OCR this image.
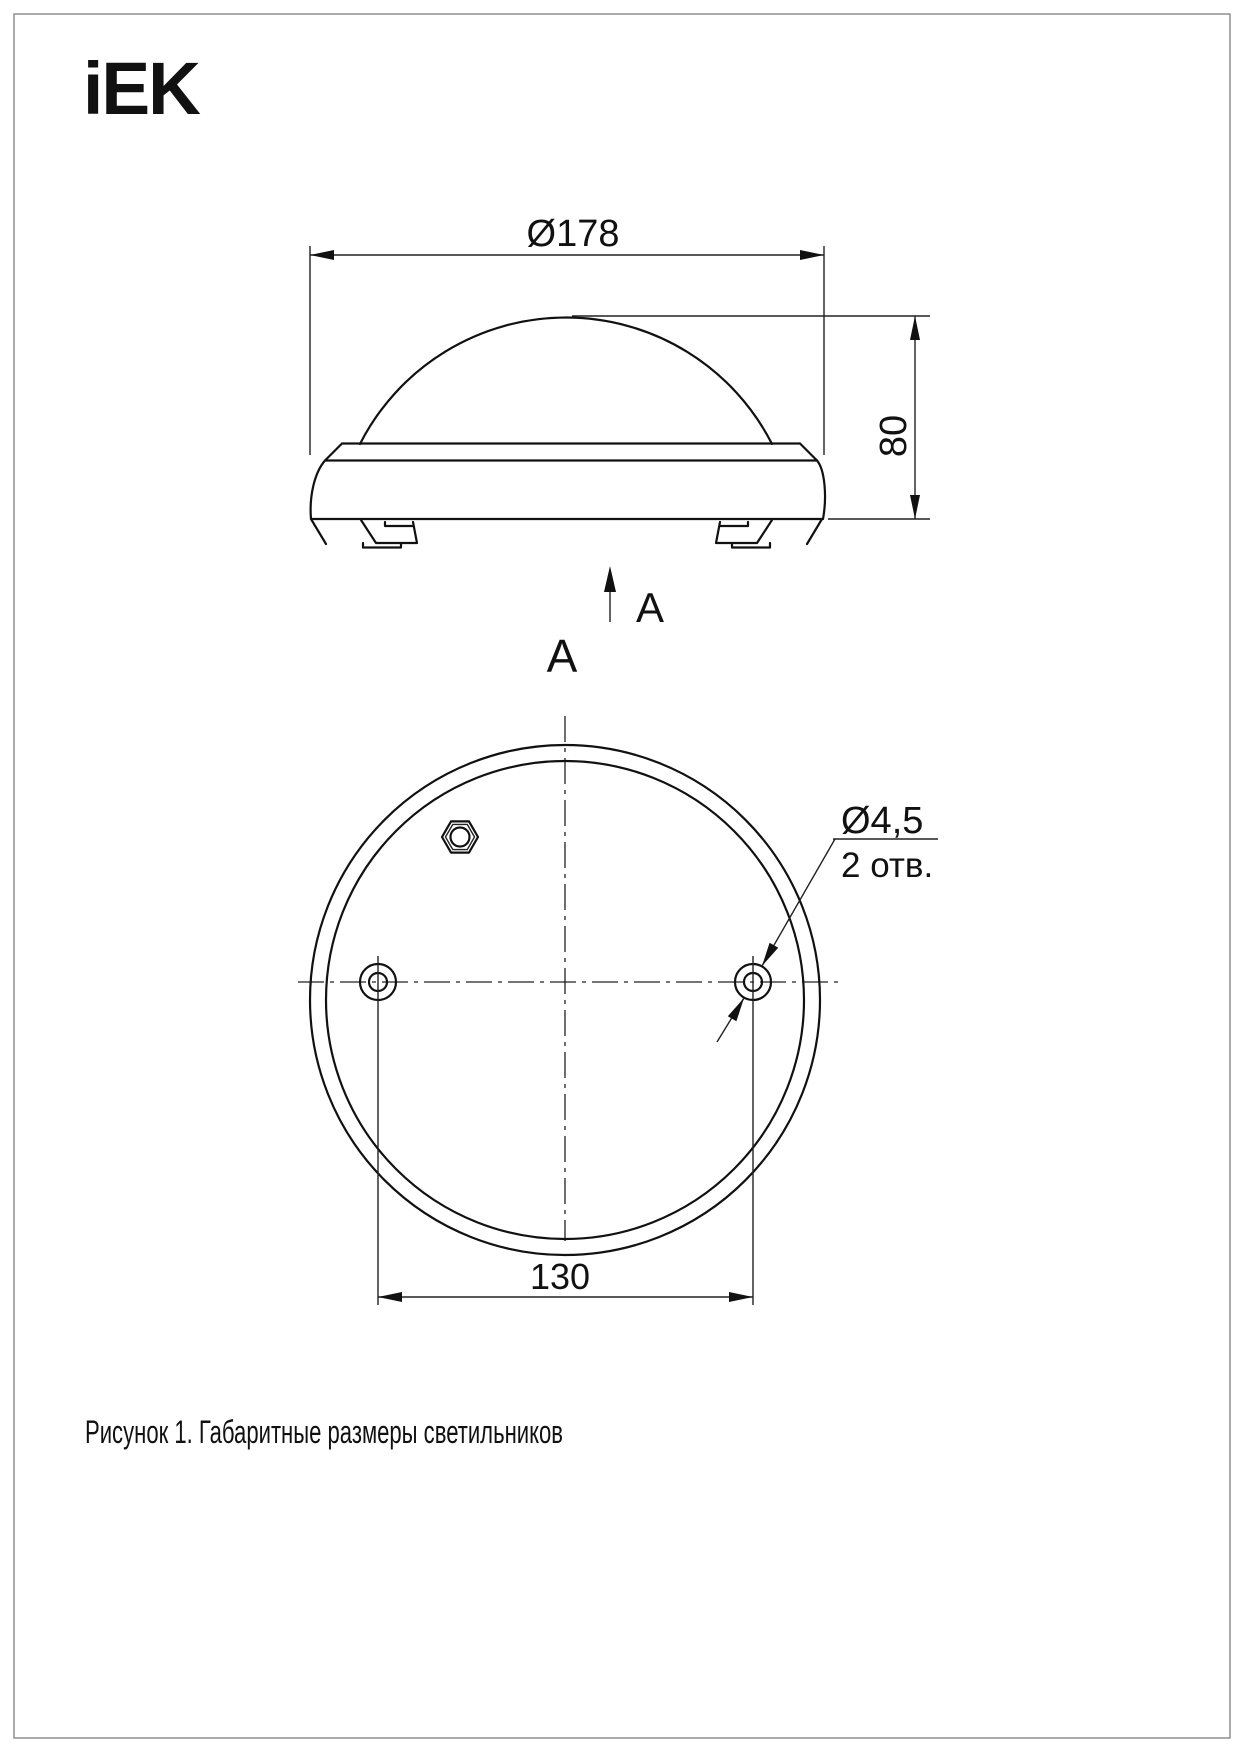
iEK
Ø178
80
A
A
Ø4,5
2 отв.
130
Рисунок 1. Габаритные размеры светильников
